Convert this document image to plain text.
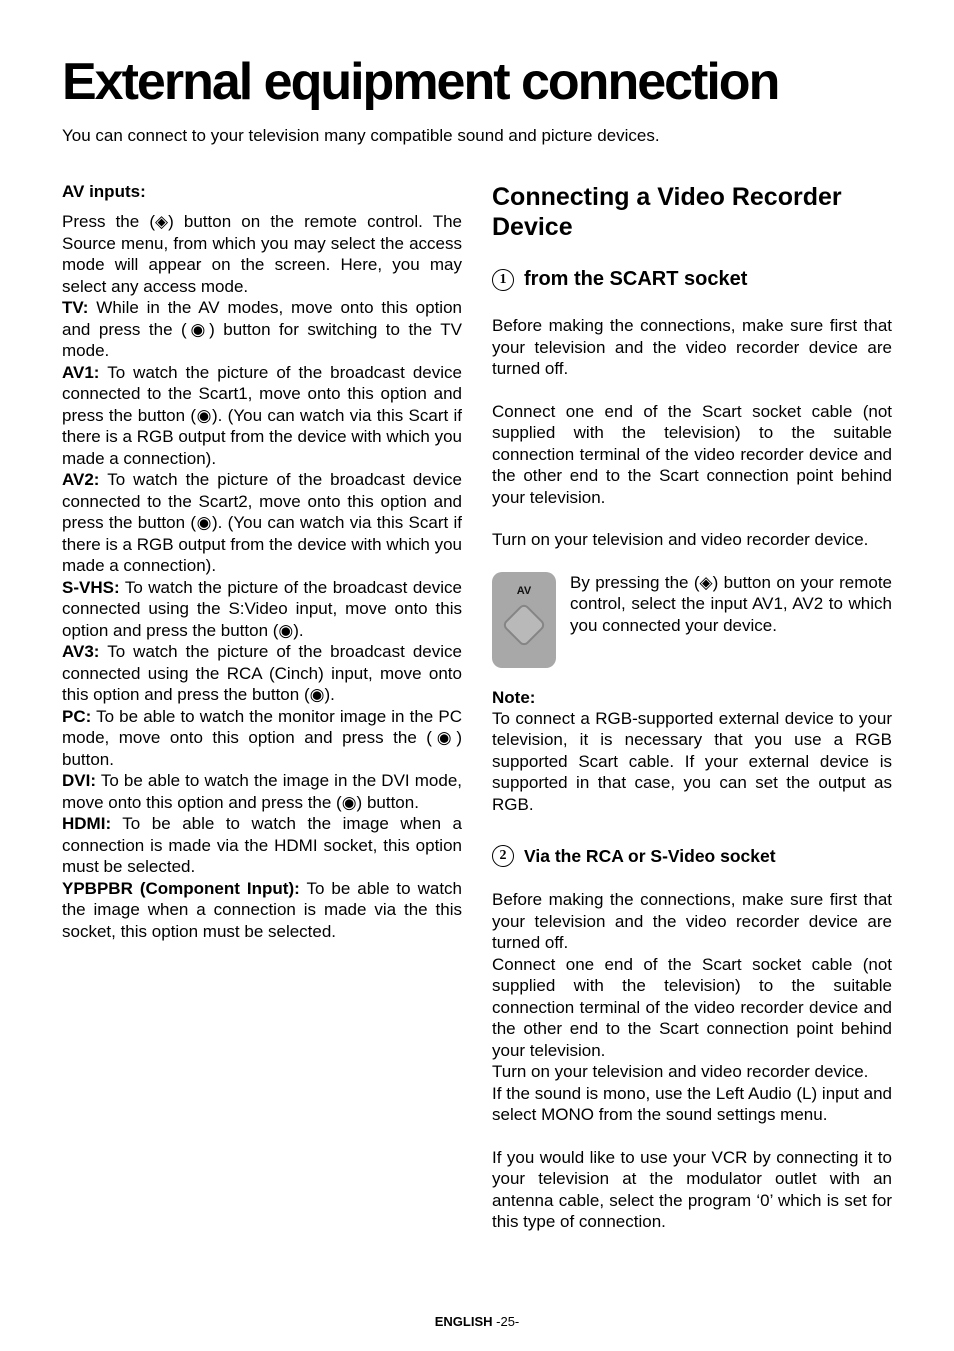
External equipment connection

You can connect to your television many compatible sound and picture devices.

AV inputs:

Press the (◈) button on the remote control. The Source menu, from which you may select the access mode will appear on the screen. Here, you may select any access mode.

TV: While in the AV modes, move onto this option and press the (◉) button for switching to the TV mode.

AV1: To watch the picture of the broadcast device connected to the Scart1, move onto this option and press the button (◉). (You can watch via this Scart if there is a RGB output from the device with which you made a connection).

AV2: To watch the picture of the broadcast device connected to the Scart2, move onto this option and press the button (◉). (You can watch via this Scart if there is a RGB output from the device with which you made a connection).

S-VHS: To watch the picture of the broadcast device connected using the S:Video input, move onto this option and press the button (◉).

AV3: To watch the picture of the broadcast device connected using the RCA (Cinch) input, move onto this option and press the button (◉).

PC: To be able to watch the monitor image in the PC mode, move onto this option and press the (◉) button.

DVI: To be able to watch the image in the DVI mode, move onto this option and press the (◉) button.

HDMI: To be able to watch the image when a connection is made via the HDMI socket, this option must be selected.

YPBPBR (Component Input): To be able to watch the image when a connection is made via the this socket, this option must be selected.

Connecting a Video Recorder Device
1 from the SCART socket

Before making the connections, make sure first that your television and the video recorder device are turned off.

Connect one end of the Scart socket cable (not supplied with the television) to the suitable connection terminal of the video recorder device and the other end to the Scart connection point behind your television.

Turn on your television and video recorder device.

AV By pressing the (◈) button on your remote control, select the input AV1, AV2 to which you connected your device.

Note:

To connect a RGB-supported external device to your television, it is necessary that you use a RGB supported Scart cable. If your external device is supported in that case, you can set the output as RGB.

2	Via the RCA or S-Video socket

Before making the connections, make sure first that your television and the video recorder device are turned off.

Connect one end of the Scart socket cable (not supplied with the television) to the suitable connection terminal of the video recorder device and the other end to the Scart connection point behind your television.

Turn on your television and video recorder device.

If the sound is mono, use the Left Audio (L) input and select MONO from the sound settings menu.

If you would like to use your VCR by connecting it to your television at the modulator outlet with an antenna cable, select the program ‘0’ which is set for this type of connection.

ENGLISH -25-
